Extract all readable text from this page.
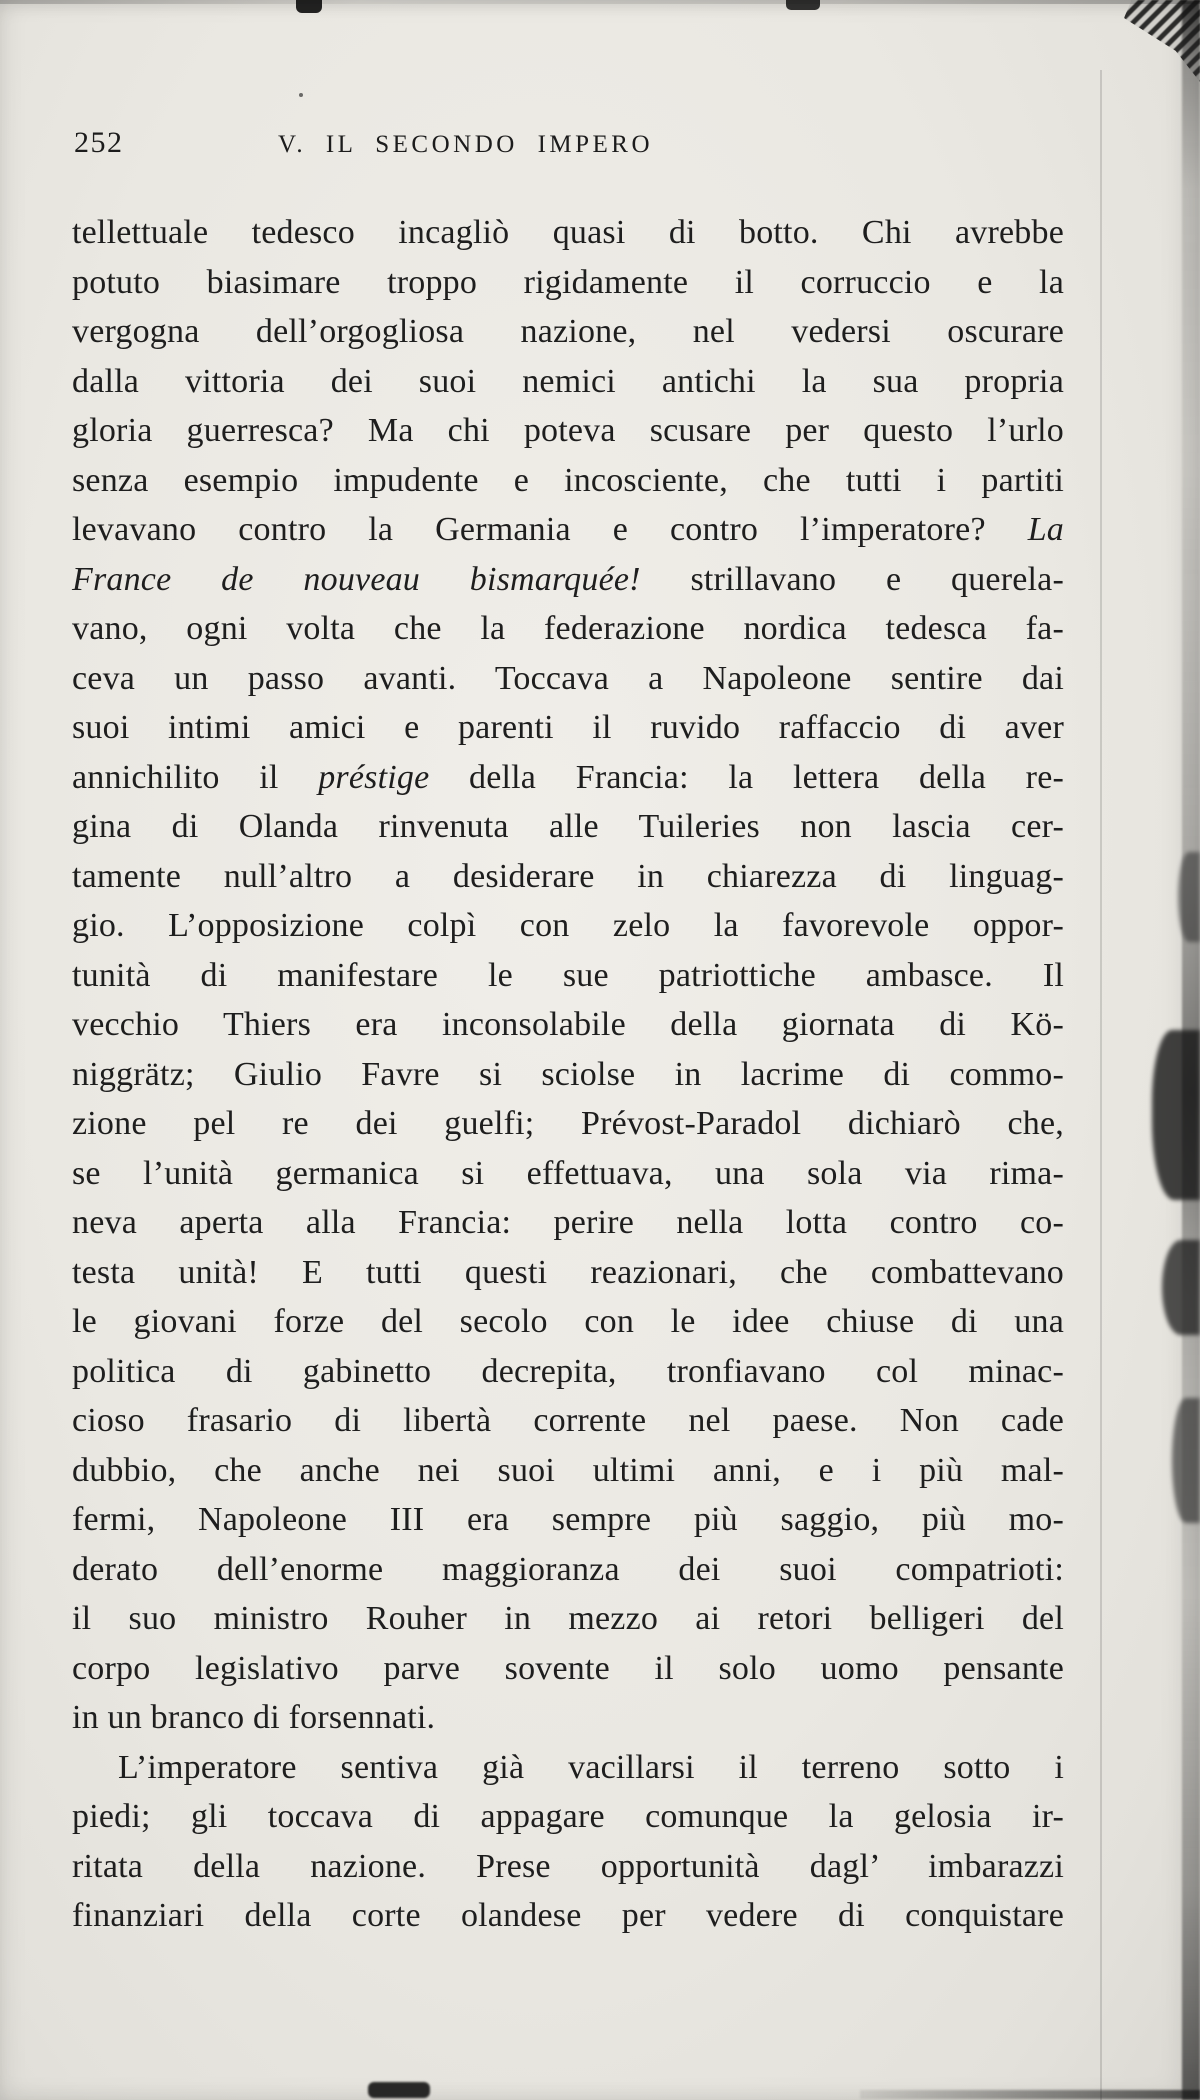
252	V. IL SECONDO IMPERO
tellettuale tedesco incagliò quasi di botto. Chi avrebbe
potuto biasimare troppo rigidamente il corruccio e la
vergogna dell’orgogliosa nazione, nel vedersi oscurare
dalla vittoria dei suoi nemici antichi la sua propria
gloria guerresca? Ma chi poteva scusare per questo l’urlo
senza esempio impudente e incosciente, che tutti i partiti
levavano contro la Germania e contro l’imperatore? La
France de nouveau bismarquée! strillavano e querela-
vano, ogni volta che la federazione nordica tedesca fa-
ceva un passo avanti. Toccava a Napoleone sentire dai
suoi intimi amici e parenti il ruvido raffaccio di aver
annichilito il préstige della Francia: la lettera della re-
gina di Olanda rinvenuta alle Tuileries non lascia cer-
tamente null’altro a desiderare in chiarezza di linguag-
gio. L’opposizione colpì con zelo la favorevole oppor-
tunità di manifestare le sue patriottiche ambasce. Il
vecchio Thiers era inconsolabile della giornata di Kö-
niggrätz; Giulio Favre si sciolse in lacrime di commo-
zione pel re dei guelfi; Prévost-Paradol dichiarò che,
se l’unità germanica si effettuava, una sola via rima-
neva aperta alla Francia: perire nella lotta contro co-
testa unità! E tutti questi reazionari, che combattevano
le giovani forze del secolo con le idee chiuse di una
politica di gabinetto decrepita, tronfiavano col minac-
cioso frasario di libertà corrente nel paese. Non cade
dubbio, che anche nei suoi ultimi anni, e i più mal-
fermi, Napoleone III era sempre più saggio, più mo-
derato dell’enorme maggioranza dei suoi compatrioti:
il suo ministro Rouher in mezzo ai retori belligeri del
corpo legislativo parve sovente il solo uomo pensante
in un branco di forsennati.
L’imperatore sentiva già vacillarsi il terreno sotto i
piedi; gli toccava di appagare comunque la gelosia ir-
ritata della nazione. Prese opportunità dagl’ imbarazzi
finanziari della corte olandese per vedere di conquistare
